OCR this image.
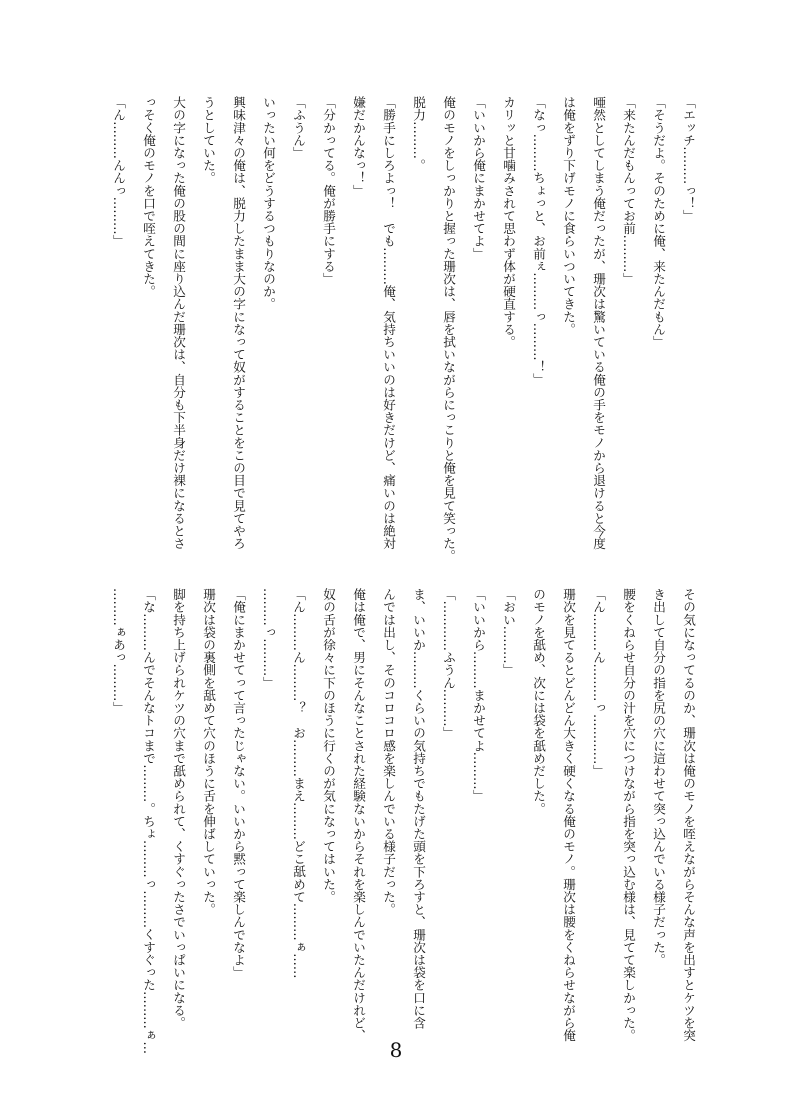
「エッチ………っ！」

「そうだよ。そのために俺、来たんだもん」

「来たんだもんってお前………」

唖然としてしまう俺だったが、珊次は驚いている俺の手をモノから退けると今度

は俺をずり下げモノに食らいついてきた。

「なっ………ちょっと、お前ぇ………っ………！」

カリッと甘噛みされて思わず体が硬直する。

「いいから俺にまかせてよ」

俺のモノをしっかりと握った珊次は、唇を拭いながらにっこりと俺を見て笑った。

脱力………。

「勝手にしろよっ！　でも………俺、気持ちいいのは好きだけど、痛いのは絶対

嫌だかんなっ！」

「分かってる。俺が勝手にする」

「ふうん」

いったい何をどうするつもりなのか。

興味津々の俺は、脱力したまま大の字になって奴がすることをこの目で見てやろ

うとしていた。

大の字になった俺の股の間に座り込んだ珊次は、自分も下半身だけ裸になるとさ

っそく俺のモノを口で咥えてきた。

「ん………んんっ………」

その気になってるのか、珊次は俺のモノを咥えながらそんな声を出すとケツを突

き出して自分の指を尻の穴に這わせて突っ込んでいる様子だった。

腰をくねらせ自分の汁を穴につけながら指を突っ込む様は、見てて楽しかった。

「ん………ん………っ…………」

珊次を見てるとどんどん大きく硬くなる俺のモノ。珊次は腰をくねらせながら俺

のモノを舐め、次には袋を舐めだした。

「おい………」

「いいから………まかせてよ………」

「…………ふうん………」

ま、いいか………くらいの気持ちでもたげた頭を下ろすと、珊次は袋を口に含

んでは出し、そのコロコロ感を楽しんでいる様子だった。

俺は俺で、男にそんなことされた経験ないからそれを楽しんでいたんだけれど、

奴の舌が徐々に下のほうに行くのが気になってはいた。

「ん………ん………？　お………まえ………どこ舐めて………ぁ……

………っ………」

「俺にまかせてって言ったじゃない。いいから黙って楽しんでなよ」

珊次は袋の裏側を舐めて穴のほうに舌を伸ばしていった。

脚を持ち上げられケツの穴まで舐められて、くすぐったさでいっぱいになる。

「な………んでそんなトコまで………。ちょ………っ………くすぐった………ぁ…

………ぁあっ………」

8
